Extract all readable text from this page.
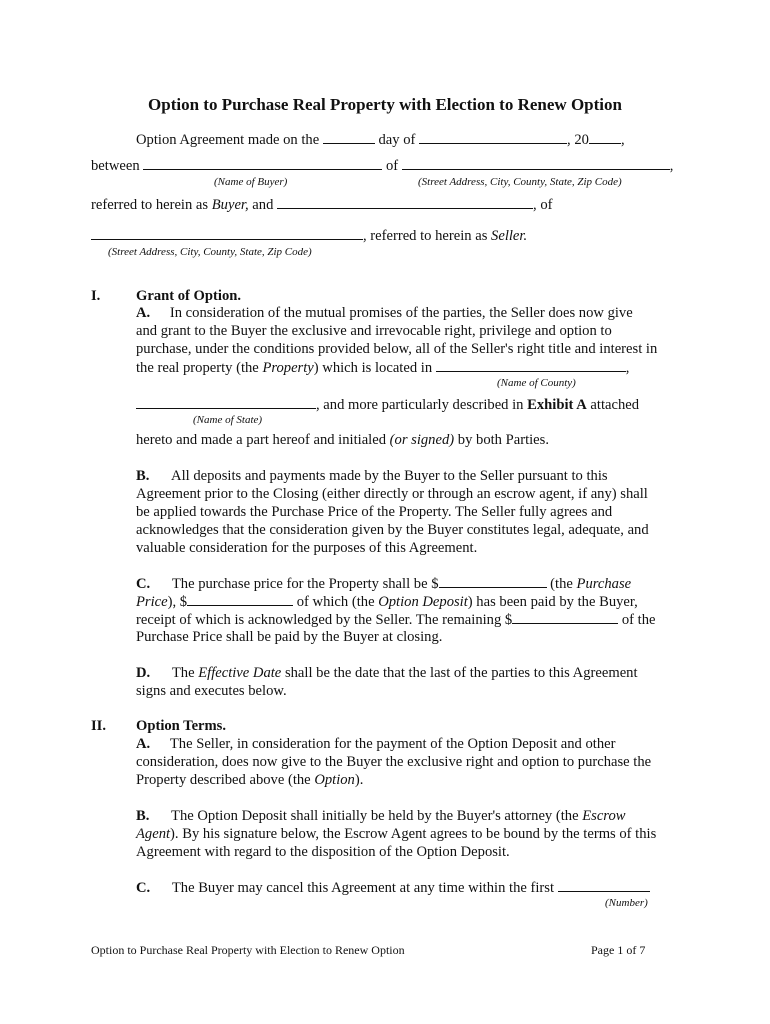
Option to Purchase Real Property with Election to Renew Option
Option Agreement made on the	day of	, 20 ,
between	of	,
(Name of Buyer)	(Street Address, City, County, State, Zip Code)
referred to herein as Buyer, and	, of
, referred to herein as Seller.
(Street Address, City, County, State, Zip Code)
I. Grant of Option.
A. In consideration of the mutual promises of the parties, the Seller does now give
and grant to the Buyer the exclusive and irrevocable right, privilege and option to
purchase, under the conditions provided below, all of the Seller's right title and interest in
the real property (the Property) which is located in	,
(Name of County)
, and more particularly described in Exhibit A attached
(Name of State)
hereto and made a part hereof and initialed (or signed) by both Parties.
B. All deposits and payments made by the Buyer to the Seller pursuant to this
Agreement prior to the Closing (either directly or through an escrow agent, if any) shall
be applied towards the Purchase Price of the Property. The Seller fully agrees and
acknowledges that the consideration given by the Buyer constitutes legal, adequate, and
valuable consideration for the purposes of this Agreement.
C. The purchase price for the Property shall be $	(the Purchase
Price), $	of which (the Option Deposit) has been paid by the Buyer,
receipt of which is acknowledged by the Seller. The remaining $	of the
Purchase Price shall be paid by the Buyer at closing.
D. The Effective Date shall be the date that the last of the parties to this Agreement
signs and executes below.
II. Option Terms.
A. The Seller, in consideration for the payment of the Option Deposit and other
consideration, does now give to the Buyer the exclusive right and option to purchase the
Property described above (the Option).
B. The Option Deposit shall initially be held by the Buyer's attorney (the Escrow
Agent). By his signature below, the Escrow Agent agrees to be bound by the terms of this
Agreement with regard to the disposition of the Option Deposit.
C. The Buyer may cancel this Agreement at any time within the first
(Number)
Option to Purchase Real Property with Election to Renew Option	Page 1 of 7
